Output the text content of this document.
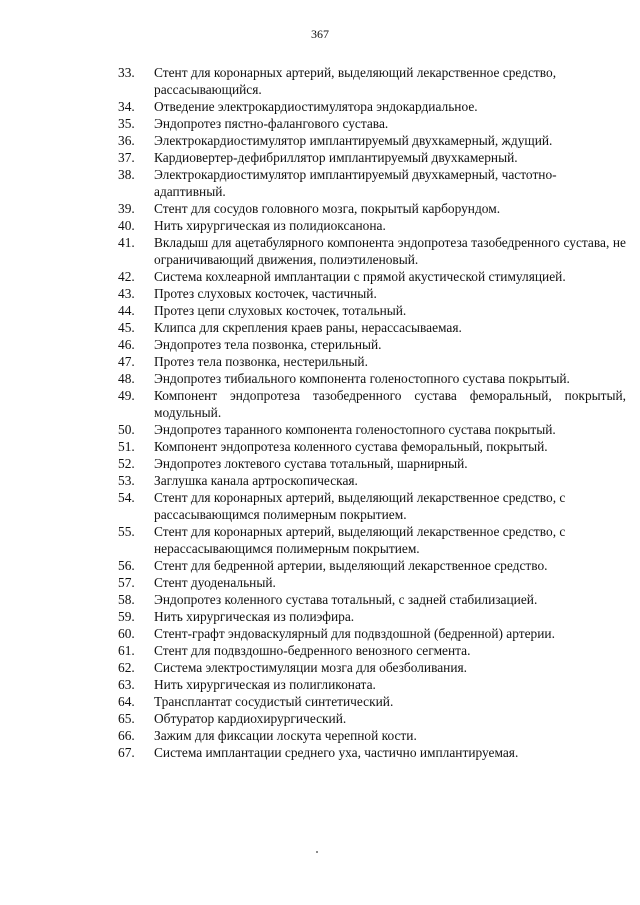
367
33.	Стент для коронарных артерий, выделяющий лекарственное средство, рассасывающийся.
34.	Отведение электрокардиостимулятора эндокардиальное.
35.	Эндопротез пястно-фалангового сустава.
36.	Электрокардиостимулятор имплантируемый двухкамерный, ждущий.
37.	Кардиовертер-дефибриллятор имплантируемый двухкамерный.
38.	Электрокардиостимулятор имплантируемый двухкамерный, частотно-адаптивный.
39.	Стент для сосудов головного мозга, покрытый карборундом.
40.	Нить хирургическая из полидиоксанона.
41.	Вкладыш для ацетабулярного компонента эндопротеза тазобедренного сустава, не ограничивающий движения, полиэтиленовый.
42.	Система кохлеарной имплантации с прямой акустической стимуляцией.
43.	Протез слуховых косточек, частичный.
44.	Протез цепи слуховых косточек, тотальный.
45.	Клипса для скрепления краев раны, нерассасываемая.
46.	Эндопротез тела позвонка, стерильный.
47.	Протез тела позвонка, нестерильный.
48.	Эндопротез тибиального компонента голеностопного сустава покрытый.
49.	Компонент эндопротеза тазобедренного сустава феморальный, покрытый, модульный.
50.	Эндопротез таранного компонента голеностопного сустава покрытый.
51.	Компонент эндопротеза коленного сустава феморальный, покрытый.
52.	Эндопротез локтевого сустава тотальный, шарнирный.
53.	Заглушка канала артроскопическая.
54.	Стент для коронарных артерий, выделяющий лекарственное средство, с рассасывающимся полимерным покрытием.
55.	Стент для коронарных артерий, выделяющий лекарственное средство, с нерассасывающимся полимерным покрытием.
56.	Стент для бедренной артерии, выделяющий лекарственное средство.
57.	Стент дуоденальный.
58.	Эндопротез коленного сустава тотальный, с задней стабилизацией.
59.	Нить хирургическая из полиэфира.
60.	Стент-графт эндоваскулярный для подвздошной (бедренной) артерии.
61.	Стент для подвздошно-бедренного венозного сегмента.
62.	Система электростимуляции мозга для обезболивания.
63.	Нить хирургическая из полигликоната.
64.	Трансплантат сосудистый синтетический.
65.	Обтуратор кардиохирургический.
66.	Зажим для фиксации лоскута черепной кости.
67.	Система имплантации среднего уха, частично имплантируемая.
